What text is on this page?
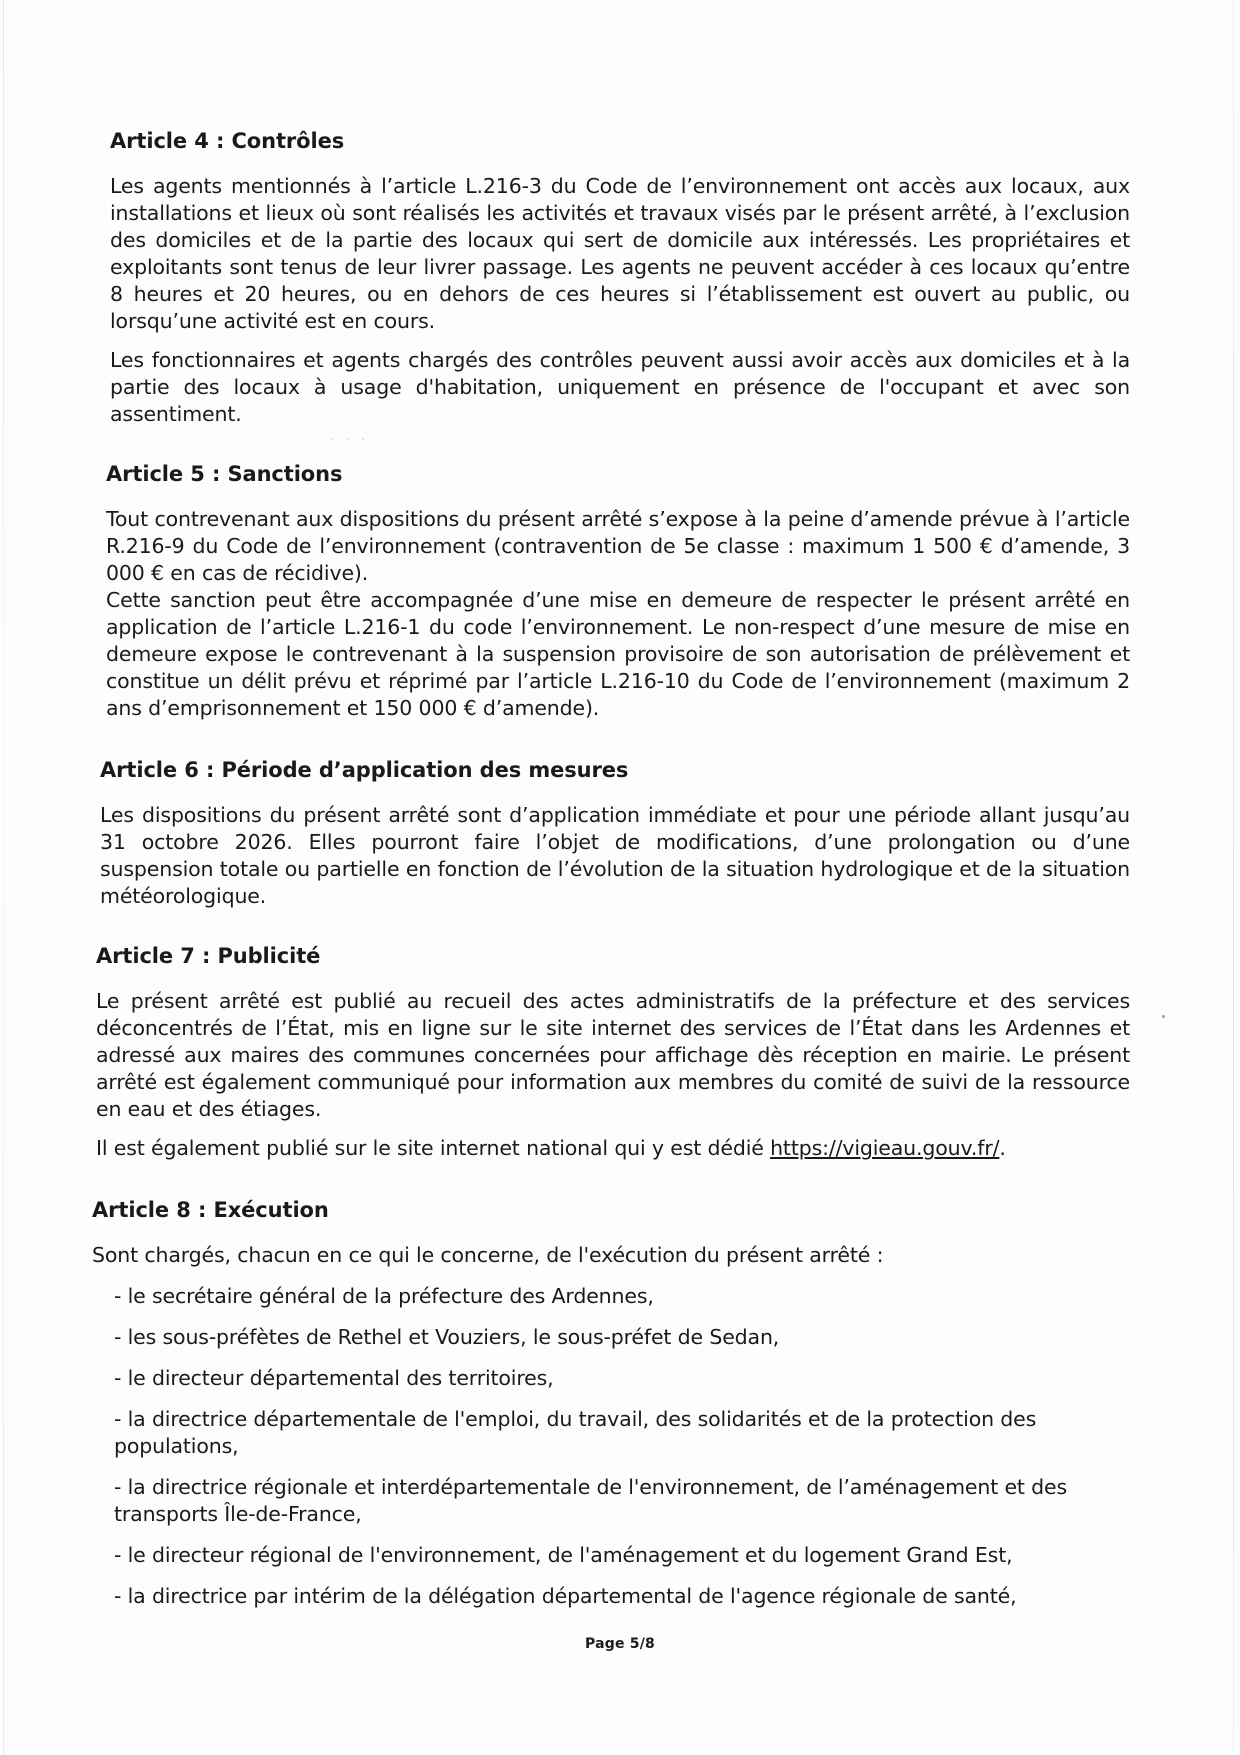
Article 4 : Contrôles

Les agents mentionnés à l’article L.216-3 du Code de l’environnement ont accès aux locaux, aux installations et lieux où sont réalisés les activités et travaux visés par le présent arrêté, à l’exclusion des domiciles et de la partie des locaux qui sert de domicile aux intéressés. Les propriétaires et exploitants sont tenus de leur livrer passage. Les agents ne peuvent accéder à ces locaux qu’entre 8 heures et 20 heures, ou en dehors de ces heures si l’établissement est ouvert au public, ou lorsqu’une activité est en cours.

Les fonctionnaires et agents chargés des contrôles peuvent aussi avoir accès aux domiciles et à la partie des locaux à usage d'habitation, uniquement en présence de l'occupant et avec son assentiment.

· · ·
Article 5 : Sanctions

Tout contrevenant aux dispositions du présent arrêté s’expose à la peine d’amende prévue à l’article R.216-9 du Code de l’environnement (contravention de 5e classe : maximum 1 500 € d’amende, 3 000 € en cas de récidive).

Cette sanction peut être accompagnée d’une mise en demeure de respecter le présent arrêté en application de l’article L.216-1 du code l’environnement. Le non-respect d’une mesure de mise en demeure expose le contrevenant à la suspension provisoire de son autorisation de prélèvement et constitue un délit prévu et réprimé par l’article L.216-10 du Code de l’environnement (maximum 2 ans d’emprisonnement et 150 000 € d’amende).

Article 6 : Période d’application des mesures

Les dispositions du présent arrêté sont d’application immédiate et pour une période allant jusqu’au 31 octobre 2026. Elles pourront faire l’objet de modifications, d’une prolongation ou d’une suspension totale ou partielle en fonction de l’évolution de la situation hydrologique et de la situation météorologique.

Article 7 : Publicité

Le présent arrêté est publié au recueil des actes administratifs de la préfecture et des services déconcentrés de l’État, mis en ligne sur le site internet des services de l’État dans les Ardennes et adressé aux maires des communes concernées pour affichage dès réception en mairie. Le présent arrêté est également communiqué pour information aux membres du comité de suivi de la ressource en eau et des étiages.

Il est également publié sur le site internet national qui y est dédié https://vigieau.gouv.fr/.

Article 8 : Exécution

Sont chargés, chacun en ce qui le concerne, de l'exécution du présent arrêté :

- le secrétaire général de la préfecture des Ardennes,
- les sous-préfètes de Rethel et Vouziers, le sous-préfet de Sedan,
- le directeur départemental des territoires,
- la directrice départementale de l'emploi, du travail, des solidarités et de la protection des populations,
- la directrice régionale et interdépartementale de l'environnement, de l’aménagement et des transports Île-de-France,
- le directeur régional de l'environnement, de l'aménagement et du logement Grand Est,
- la directrice par intérim de la délégation départemental de l'agence régionale de santé,
Page 5/8
